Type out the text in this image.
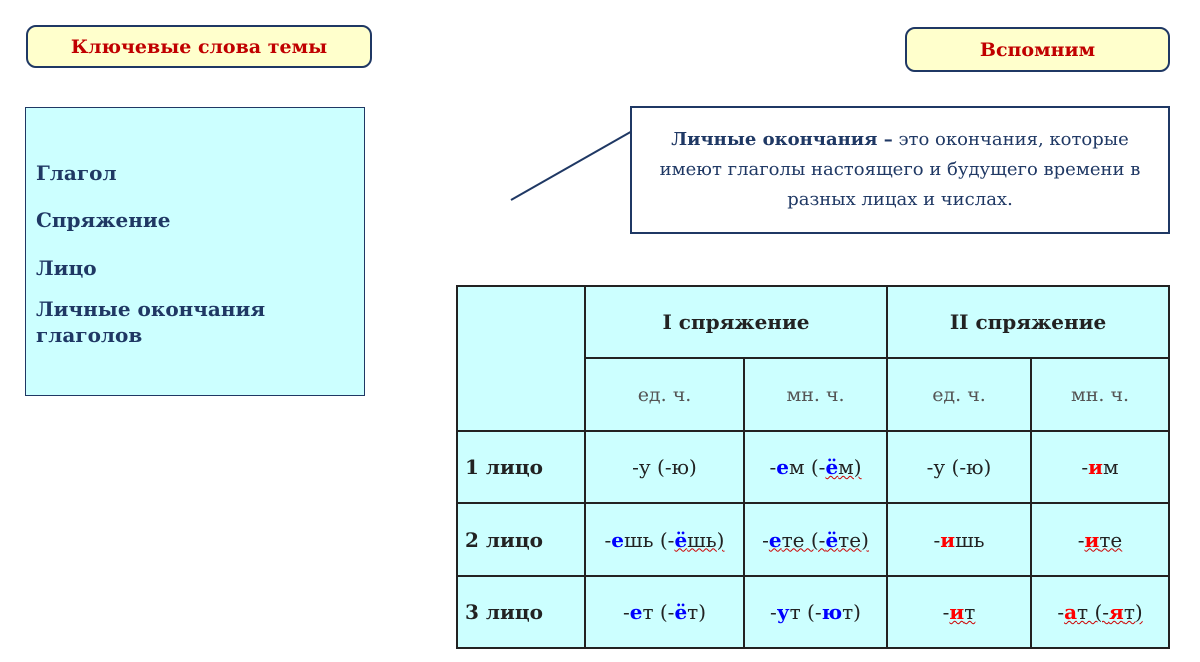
Ключевые слова темы	Вспомним
Глагол
Спряжение
Лицо
Личные окончания глаголов
Личные окончания – это окончания, которые имеют глаголы настоящего и будущего времени в разных лицах и числах.
	I спряжение		II спряжение	
	ед. ч.	мн. ч.	ед. ч.	мн. ч.
1 лицо	-у (-ю)	-ем (-ём)	-у (-ю)	-им
2 лицо	-ешь (-ёшь)	-ете (-ёте)	-ишь	-ите
3 лицо	-ет (-ёт)	-ут (-ют)	-ит	-ат (-ят)
